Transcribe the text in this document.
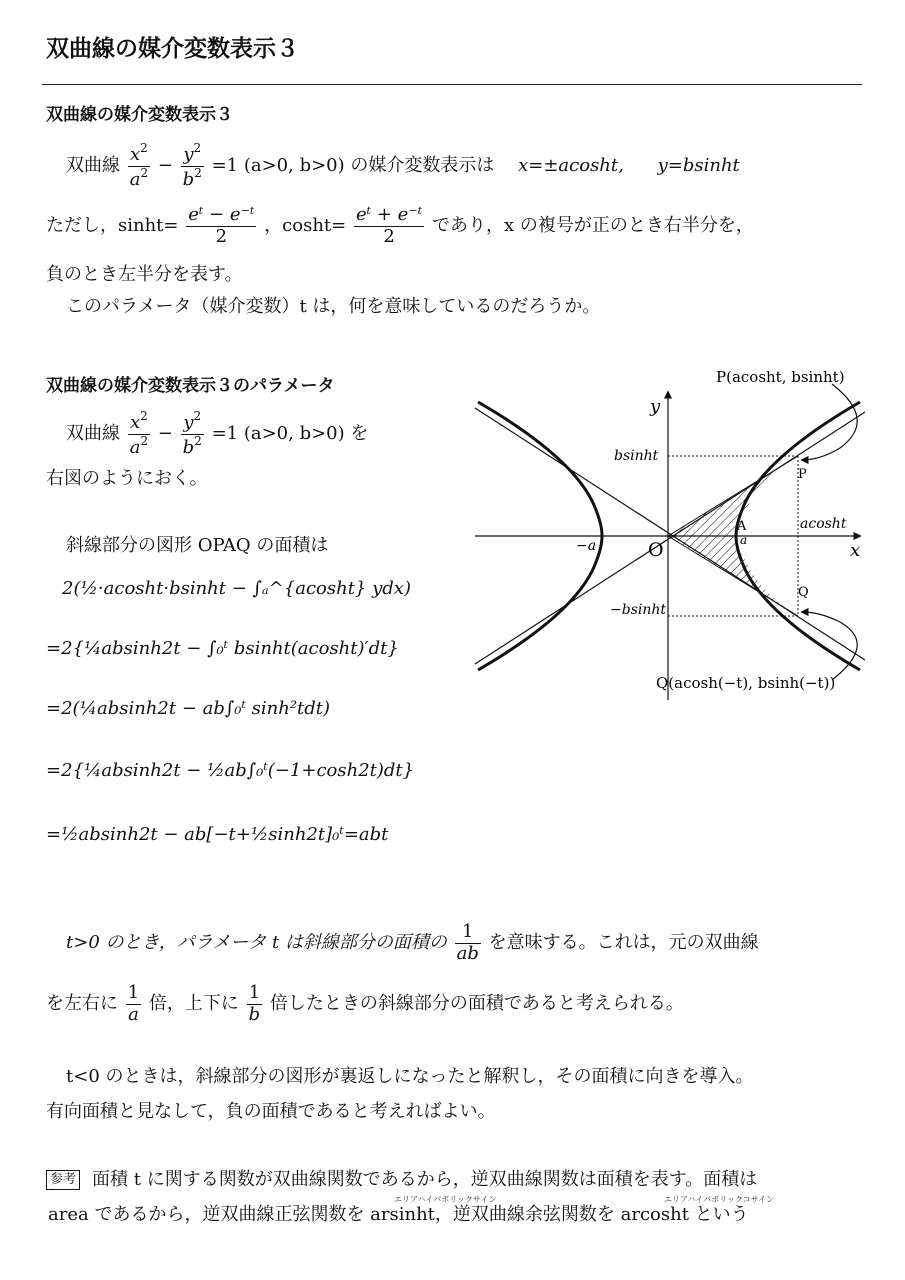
双曲線の媒介変数表示３
双曲線の媒介変数表示３
双曲線 $\frac{x^2}{a^2} - \frac{y^2}{b^2} =1$ (a>0, b>0) の媒介変数表示は x=±acosht, y=bsinht
ただし，$\sinh t= \frac{\text{eᵗ − e⁻ᵗ}}{2}$ ，$\cosh t= \frac{\text{eᵗ + e⁻ᵗ}}{2}$ であり，x の複号が正のとき右半分を，
負のとき左半分を表す。
このパラメータ（媒介変数）t は，何を意味しているのだろうか。
双曲線の媒介変数表示３のパラメータ
双曲線 $\frac{x^2}{a^2} - \frac{y^2}{b^2} =1$ (a>0, b>0) を
右図のようにおく。
斜線部分の図形 OPAQ の面積は
2(½·acosht·bsinht − ∫ₐ^{acosht} ydx)
=2{¼absinh2t − ∫₀ᵗ bsinht(acosht)′dt}
=2(¼absinh2t − ab∫₀ᵗ sinh²tdt)
=2{¼absinh2t − ½ab∫₀ᵗ(−1+cosh2t)dt}
=½absinh2t − ab[−t+½sinh2t]₀ᵗ=abt
P(acosht, bsinht)
Q(acosh(−t), bsinh(−t))
y
x
bsinht
−bsinht
acosht
−a	a
O
A
P
Q
t>0 のとき，パラメータ t は斜線部分の面積の $\frac{1}{ab}$ を意味する。これは，元の双曲線
を左右に $\frac{1}{a}$ 倍，上下に $\frac{1}{b}$ 倍したときの斜線部分の面積であると考えられる。
t<0 のときは，斜線部分の図形が裏返しになったと解釈し，その面積に向きを導入。
有向面積と見なして，負の面積であると考えればよい。
参考 面積 t に関する関数が双曲線関数であるから，逆双曲線関数は面積を表す。面積は
エリアハイパボリックサイン	エリアハイパボリックコサイン
area であるから，逆双曲線正弦関数を arsinht，逆双曲線余弦関数を arcosht という
